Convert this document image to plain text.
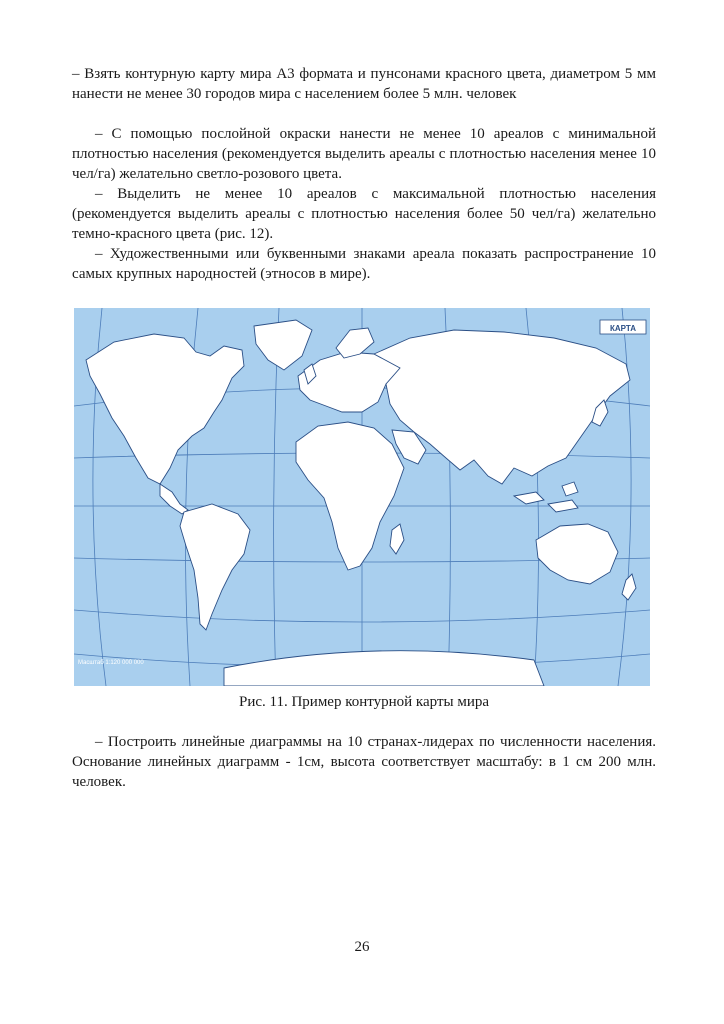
– Взять контурную карту мира А3 формата и пунсонами красного цвета, диаметром 5 мм нанести не менее 30 городов мира с населением более 5 млн. человек

– С помощью послойной окраски нанести не менее 10 ареалов с минимальной плотностью населения (рекомендуется выделить ареалы с плотностью населения менее 10 чел/га) желательно светло-розового цвета.

– Выделить не менее 10 ареалов с максимальной плотностью населения (рекомендуется выделить ареалы с плотностью населения более 50 чел/га) желательно темно-красного цвета (рис. 12).

– Художественными или буквенными знаками ареала показать распространение 10 самых крупных народностей (этносов в мире).

КАРТА
Масштаб 1:120 000 000
Рис. 11. Пример контурной карты мира

– Построить линейные диаграммы на 10 странах-лидерах по численности населения. Основание линейных диаграмм - 1см, высота соответствует масштабу: в 1 см 200 млн. человек.

26
